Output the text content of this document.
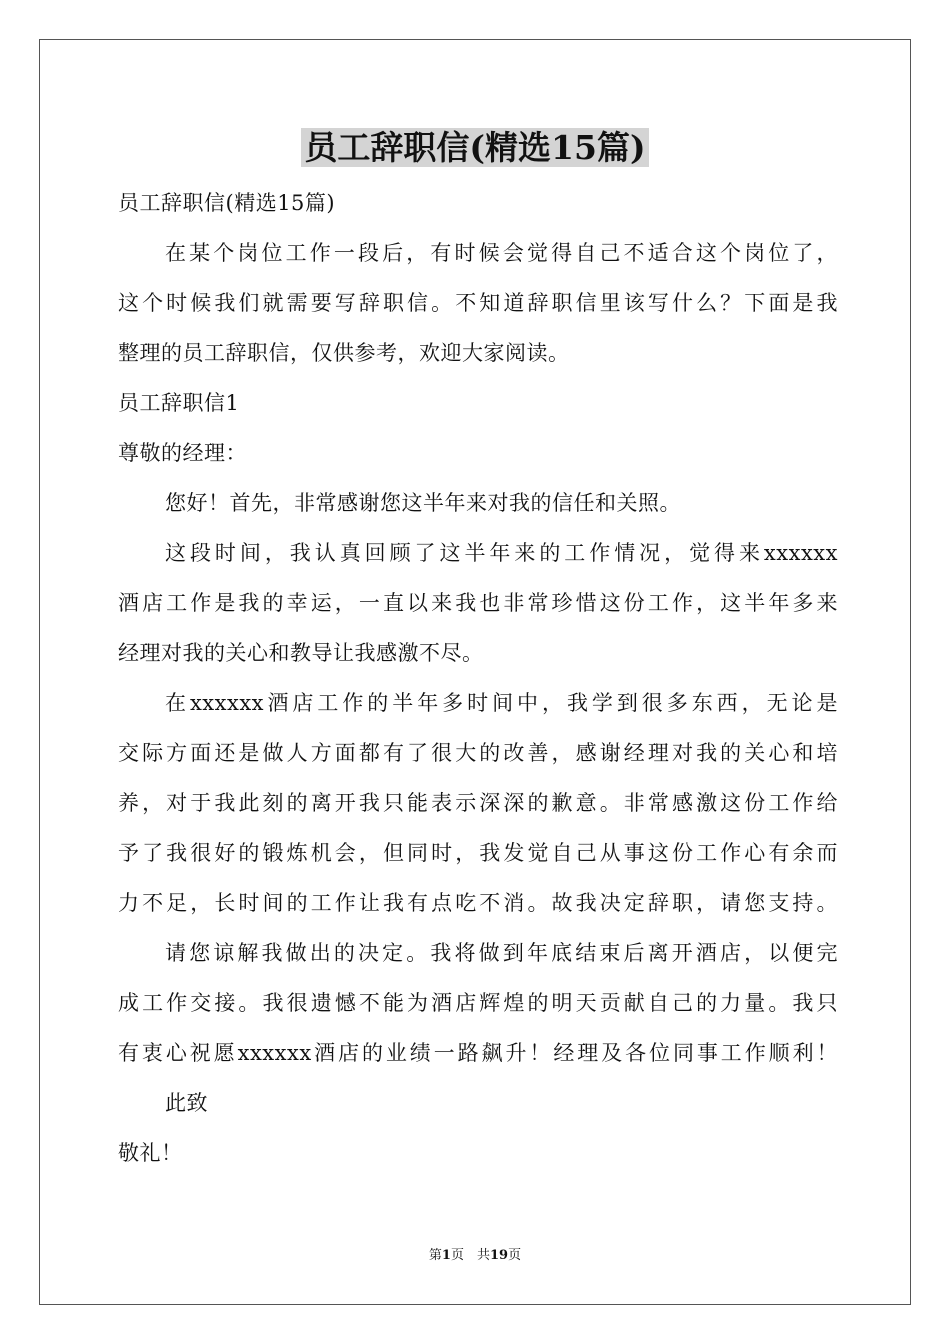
员工辞职信(精选15篇)
员工辞职信(精选15篇)
在某个岗位工作一段后，有时候会觉得自己不适合这个岗位了，
这个时候我们就需要写辞职信。不知道辞职信里该写什么？下面是我
整理的员工辞职信，仅供参考，欢迎大家阅读。
员工辞职信1
尊敬的经理：
您好！首先，非常感谢您这半年来对我的信任和关照。
这段时间，我认真回顾了这半年来的工作情况，觉得来xxxxxx
酒店工作是我的幸运，一直以来我也非常珍惜这份工作，这半年多来
经理对我的关心和教导让我感激不尽。
在xxxxxx酒店工作的半年多时间中，我学到很多东西，无论是
交际方面还是做人方面都有了很大的改善，感谢经理对我的关心和培
养，对于我此刻的离开我只能表示深深的歉意。非常感激这份工作给
予了我很好的锻炼机会，但同时，我发觉自己从事这份工作心有余而
力不足，长时间的工作让我有点吃不消。故我决定辞职，请您支持。
请您谅解我做出的决定。我将做到年底结束后离开酒店，以便完
成工作交接。我很遗憾不能为酒店辉煌的明天贡献自己的力量。我只
有衷心祝愿xxxxxx酒店的业绩一路飙升！经理及各位同事工作顺利！
此致
敬礼！
第1页　共19页
